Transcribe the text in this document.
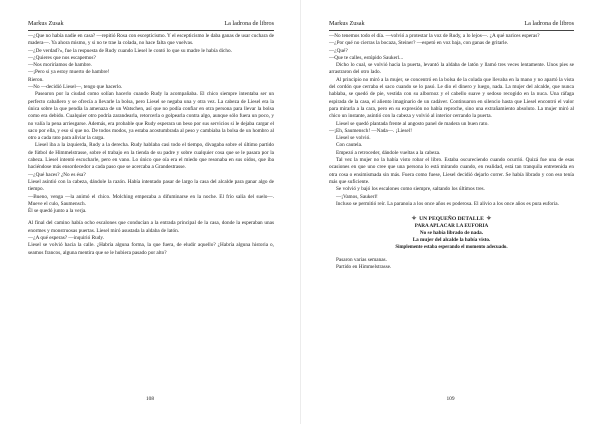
Markus Zusak	La ladrona de libros

—¿Que no había nadie en casa? —repitió Rosa con escepticismo. Y el escepticismo le daba ganas de usar cuchara de madera—. Ya ahora mismo, y si no te trae la colada, no hace falta que vuelvas.

—¿De verdad?», fue la respuesta de Rudy cuando Liesel le contó lo que su madre le había dicho.

—¿Quieres que nos escapemos?

—Nos moriríamos de hambre.

—¡Pero si ya estoy muerto de hambre!

Rieron.

—No —decidió Liesel—, tengo que hacerlo.

Pasearon por la ciudad como solían hacerlo cuando Rudy la acompañaba. El chico siempre intentaba ser un perfecto caballero y se ofrecía a llevarle la bolsa, pero Liesel se negaba una y otra vez. La cabeza de Liesel era la única sobre la que pendía la amenaza de un Watschen, así que no podía confiar en otra persona para llevar la bolsa como era debido. Cualquier otro podría zarandearla, retorcerla o golpearla contra algo, aunque sólo fuera un poco, y no valía la pena arriesgarse. Además, era probable que Rudy esperara un beso por sus servicios si le dejaba cargar el saco por ella, y eso sí que no. De todos modos, ya estaba acostumbrada al peso y cambiaba la bolsa de un hombro al otro a cada rato para aliviar la carga.

Liesel iba a la izquierda, Rudy a la derecha. Rudy hablaba casi todo el tiempo, divagaba sobre el último partido de fútbol de Himmelstrasse, sobre el trabajo en la tienda de su padre y sobre cualquier cosa que se le pasara por la cabeza. Liesel intentó escucharle, pero en vano. Lo único que oía era el miedo que resonaba en sus oídos, que iba haciéndose más ensordecedor a cada paso que se acercaba a Grandestrasse.

—¿Qué haces? ¿No es ésa?

Liesel asintió con la cabeza, dándole la razón. Había intentado pasar de largo la casa del alcalde para ganar algo de tiempo.

—Bueno, venga —la animó el chico. Molching empezaba a difuminarse en la noche. El frío salía del suelo—. Mueve el culo, Saumensch.

Él se quedó junto a la verja.

Al final del camino había ocho escalones que conducían a la entrada principal de la casa, donde la esperaban unas enormes y monstruosas puertas. Liesel miró asustada la aldaba de latón.

—¿A qué esperas? —inquirió Rudy.

Liesel se volvió hacia la calle. ¿Habría alguna forma, la que fuera, de eludir aquello? ¿Habría alguna historia o, seamos francos, alguna mentira que se le hubiera pasado por alto?

108
Markus Zusak	La ladrona de libros

—No tenemos todo el día. —volvió a protestar la voz de Rudy, a lo lejos—. ¿A qué narices esperas?

—¿Por qué no cierras la bocaza, Steiner? —espetó en voz baja, con ganas de gritarle.

—¿Qué?

—Que te calles, estúpido Saukerl...

Dicho lo cual, se volvió hacia la puerta, levantó la aldaba de latón y llamó tres veces lentamente. Unos pies se arrastraron del otro lado.

Al principio no miró a la mujer, se concentró en la bolsa de la colada que llevaba en la mano y no apartó la vista del cordón que cerraba el saco cuando se lo pasó. Le dio el dinero y luego, nada. La mujer del alcalde, que nunca hablaba, se quedó de pie, vestida con su albornoz y el cabello suave y sedoso recogido en la nuca. Una ráfaga espirada de la casa, el aliento imaginario de un cadáver. Continuaron en silencio hasta que Liesel encontró el valor para mirarla a la cara, pero en su expresión no había reproche, sino una extrañamiento absoluto. La mujer miró al chico un instante, asintió con la cabeza y volvió al interior cerrando la puerta.

Liesel se quedó plantada frente al angosto panel de madera un buen rato.

—¡Eh, Saumensch! —Nada—. ¡Liesel!

Liesel se volvió.

Con cautela.

Empezó a retroceder, dándole vueltas a la cabeza.

Tal vez la mujer no la había visto robar el libro. Estaba oscureciendo cuando ocurrió. Quizá fue una de esas ocasiones en que uno cree que una persona lo está mirando cuando, en realidad, está tan tranquila entretenida en otra cosa o ensimismada sin más. Fuera como fuese, Liesel decidió dejarlo correr. Se había librado y con eso tenía más que suficiente.

Se volvió y bajó los escalones como siempre, saltando los últimos tres.

—¡Vamos, Saukerl!

Incluso se permitió reír. La paranoia a los once años es poderosa. El alivio a los once años es pura euforia.

✧ UN PEQUEÑO DETALLE ✧
PARA APLACAR LA EUFORIA
No se había librado de nada.
La mujer del alcalde la había visto.
Simplemente estaba esperando el momento adecuado.

Pasaron varias semanas.

Partido en Himmelstrasse.

109
